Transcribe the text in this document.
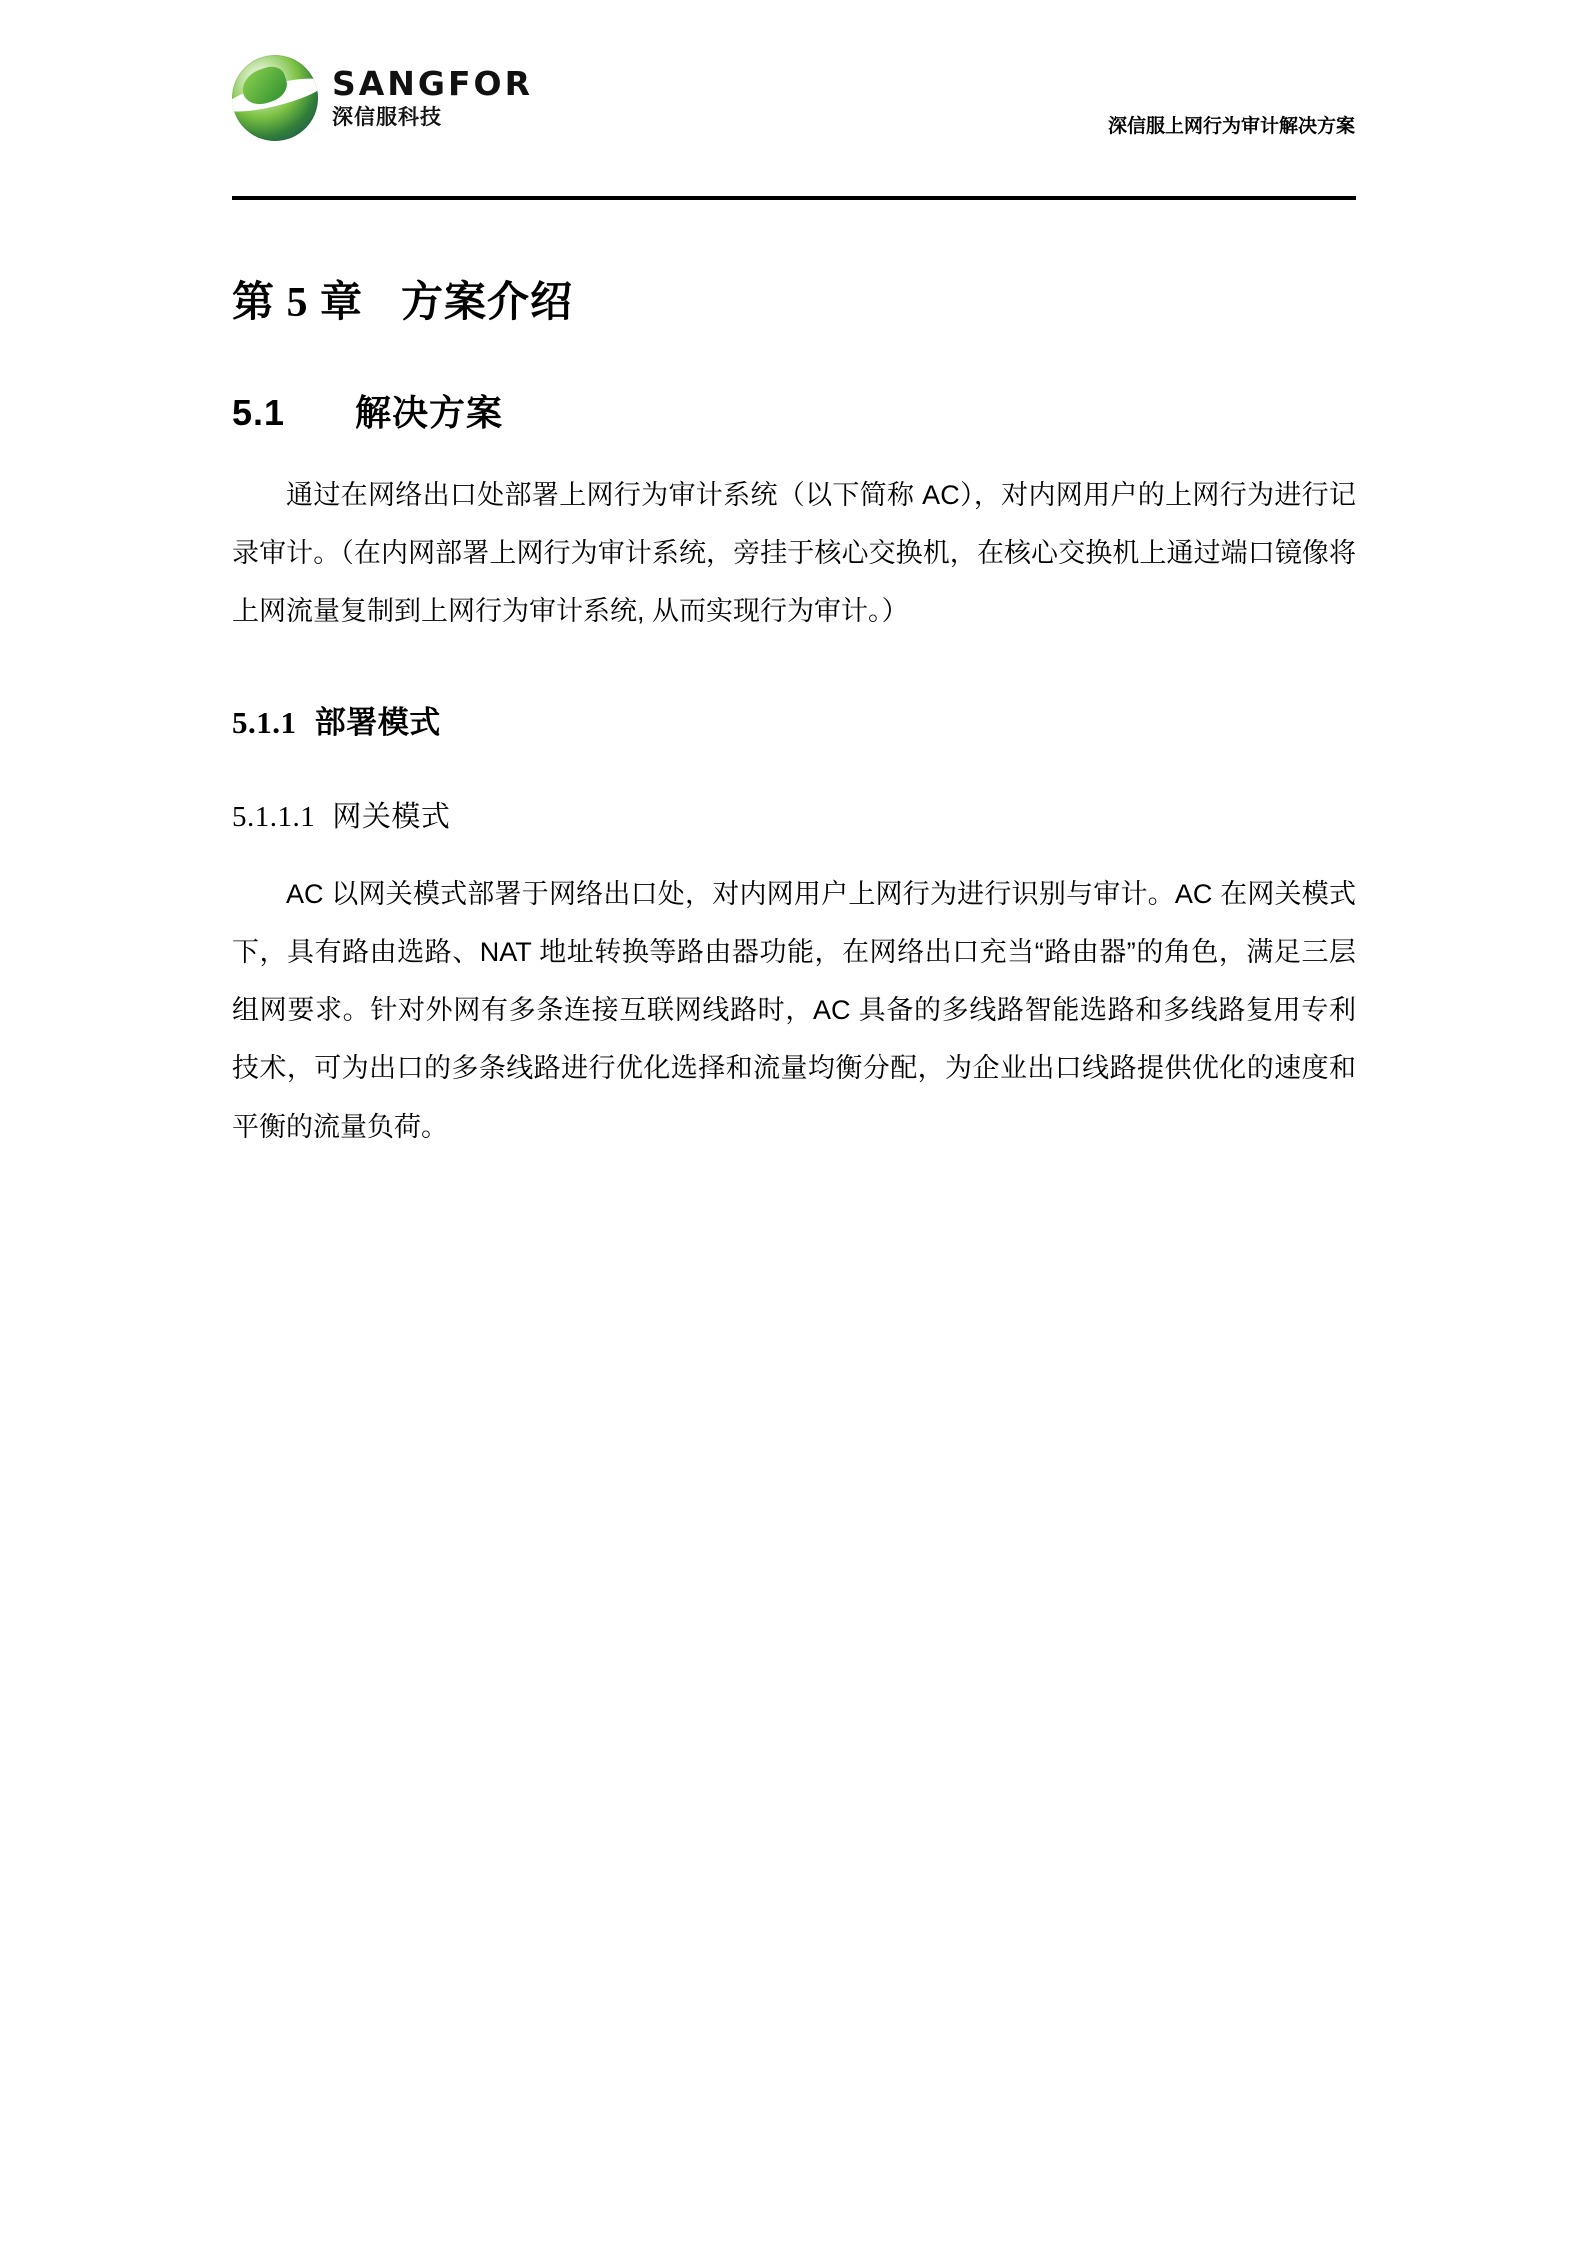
SANGFOR
深信服科技	深信服上网行为审计解决方案
第 5 章 方案介绍
5.1 解决方案

通过在网络出口处部署上网行为审计系统（以下简称 AC），对内网用户的上网行为进行记录审计。（在内网部署上网行为审计系统，旁挂于核心交换机，在核心交换机上通过端口镜像将上网流量复制到上网行为审计系统, 从而实现行为审计。）

5.1.1 部署模式
5.1.1.1 网关模式

AC 以网关模式部署于网络出口处，对内网用户上网行为进行识别与审计。AC 在网关模式下，具有路由选路、NAT 地址转换等路由器功能，在网络出口充当“路由器”的角色，满足三层组网要求。针对外网有多条连接互联网线路时，AC 具备的多线路智能选路和多线路复用专利技术，可为出口的多条线路进行优化选择和流量均衡分配，为企业出口线路提供优化的速度和平衡的流量负荷。
